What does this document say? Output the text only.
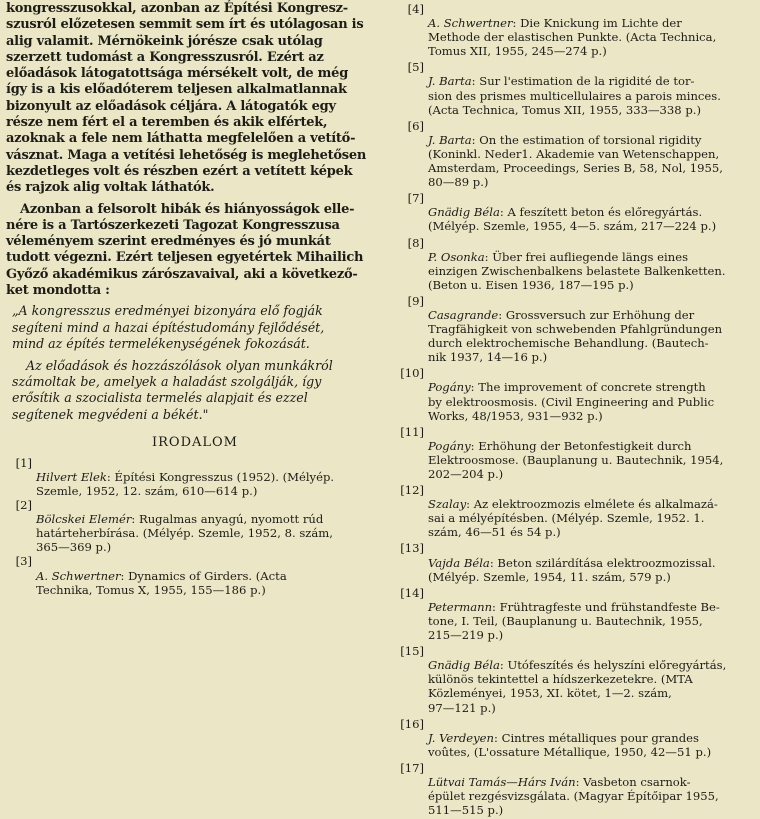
kongresszusokkal, azonban az Építési Kongresz-
szusról előzetesen semmit sem írt és utólagosan is
alig valamit. Mérnökeink jórésze csak utólag
szerzett tudomást a Kongresszusról. Ezért az
előadások látogatottsága mérsékelt volt, de még
így is a kis előadóterem teljesen alkalmatlannak
bizonyult az előadások céljára. A látogatók egy
része nem fért el a teremben és akik elfértek,
azoknak a fele nem láthatta megfelelően a vetítő-
vásznat. Maga a vetítési lehetőség is meglehetősen
kezdetleges volt és részben ezért a vetített képek
és rajzok alig voltak láthatók.

Azonban a felsorolt hibák és hiányosságok elle-
nére is a Tartószerkezeti Tagozat Kongresszusa
véleményem szerint eredményes és jó munkát
tudott végezni. Ezért teljesen egyetértek Mihailich
Győző akadémikus zárószavaival, aki a következő-
ket mondotta :

„A kongresszus eredményei bizonyára elő fogják
segíteni mind a hazai építéstudomány fejlődését,
mind az építés termelékenységének fokozását.

Az előadások és hozzászólások olyan munkákról
számoltak be, amelyek a haladást szolgálják, így
erősítik a szocialista termelés alapjait és ezzel
segítenek megvédeni a békét."

IRODALOM

[1]
Hilvert Elek: Építési Kongresszus (1952). (Mélyép.
Szemle, 1952, 12. szám, 610—614 p.)

[2]
Bölcskei Elemér: Rugalmas anyagú, nyomott rúd
határteherbírása. (Mélyép. Szemle, 1952, 8. szám,
365—369 p.)

[3]
A. Schwertner: Dynamics of Girders. (Acta
Technika, Tomus X, 1955, 155—186 p.)

[4]
A. Schwertner: Die Knickung im Lichte der
Methode der elastischen Punkte. (Acta Technica,
Tomus XII, 1955, 245—274 p.)

[5]
J. Barta: Sur l'estimation de la rigidité de tor-
sion des prismes multicellulaires a parois minces.
(Acta Technica, Tomus XII, 1955, 333—338 p.)

[6]
J. Barta: On the estimation of torsional rigidity
(Koninkl. Neder1. Akademie van Wetenschappen,
Amsterdam, Proceedings, Series B, 58, Nol, 1955,
80—89 p.)

[7]
Gnädig Béla: A feszített beton és előregyártás.
(Mélyép. Szemle, 1955, 4—5. szám, 217—224 p.)

[8]
P. Osonka: Über frei aufliegende längs eines
einzigen Zwischenbalkens belastete Balkenketten.
(Beton u. Eisen 1936, 187—195 p.)

[9]
Casagrande: Grossversuch zur Erhöhung der
Tragfähigkeit von schwebenden Pfahlgründungen
durch elektrochemische Behandlung. (Bautech-
nik 1937, 14—16 p.)

[10]
Pogány: The improvement of concrete strength
by elektroosmosis. (Civil Engineering and Public
Works, 48/1953, 931—932 p.)

[11]
Pogány: Erhöhung der Betonfestigkeit durch
Elektroosmose. (Bauplanung u. Bautechnik, 1954,
202—204 p.)

[12]
Szalay: Az elektroozmozis elmélete és alkalmazá-
sai a mélyépítésben. (Mélyép. Szemle, 1952. 1.
szám, 46—51 és 54 p.)

[13]
Vajda Béla: Beton szilárdítása elektroozmozissal.
(Mélyép. Szemle, 1954, 11. szám, 579 p.)

[14]
Petermann: Frühtragfeste und frühstandfeste Be-
tone, I. Teil, (Bauplanung u. Bautechnik, 1955,
215—219 p.)

[15]
Gnädig Béla: Utófeszítés és helyszíni előregyártás,
különös tekintettel a hídszerkezetekre. (MTA
Közleményei, 1953, XI. kötet, 1—2. szám,
97—121 p.)

[16]
J. Verdeyen: Cintres métalliques pour grandes
voûtes, (L'ossature Métallique, 1950, 42—51 p.)

[17]
Lütvai Tamás—Hárs Iván: Vasbeton csarnok-
épület rezgésvizsgálata. (Magyar Építőipar 1955,
511—515 p.)
